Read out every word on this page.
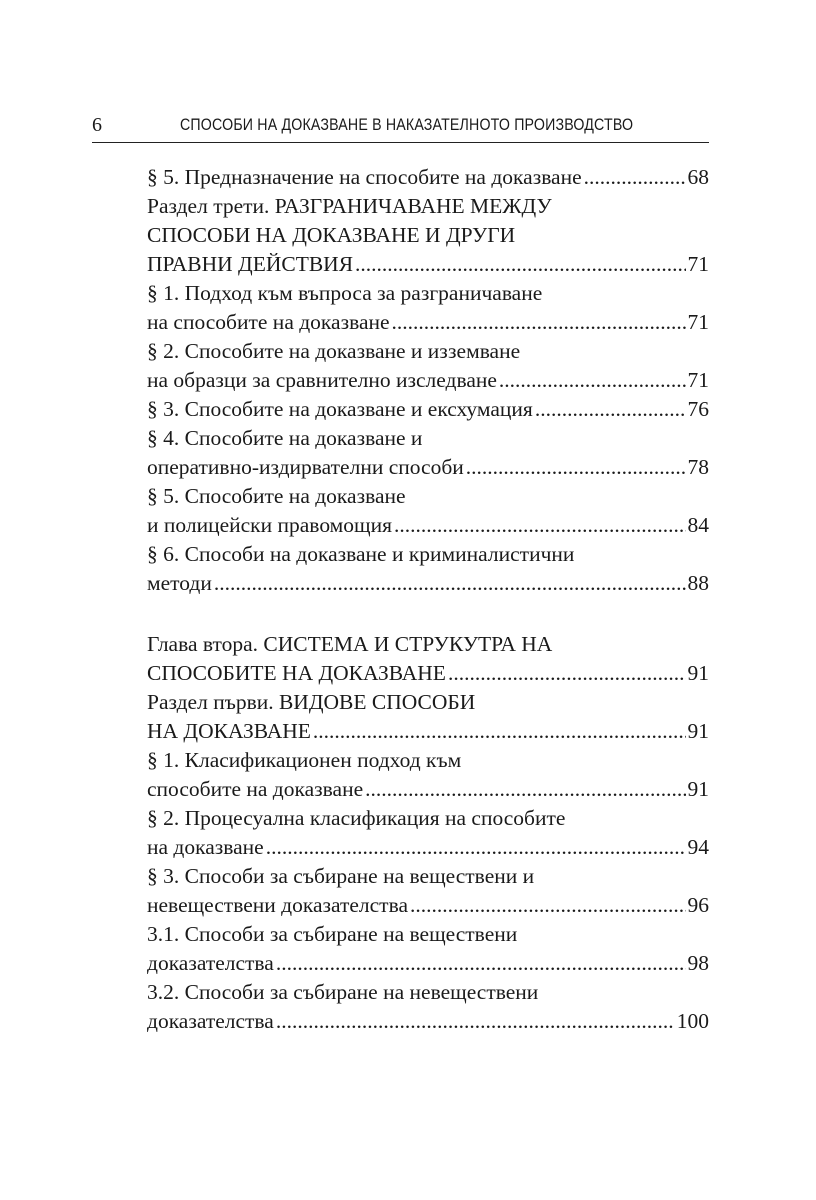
6	СПОСОБИ НА ДОКАЗВАНЕ В НАКАЗАТЕЛНОТО ПРОИЗВОДСТВО
§ 5. Предназначение на способите на доказване .....	68
Раздел трети. РАЗГРАНИЧАВАНЕ МЕЖДУ
СПОСОБИ НА ДОКАЗВАНЕ И ДРУГИ
ПРАВНИ ДЕЙСТВИЯ .....	71
§ 1. Подход към въпроса за разграничаване
на способите на доказване .....	71
§ 2. Способите на доказване и изземване
на образци за сравнително изследване .....	71
§ 3. Способите на доказване и ексхумация .....	76
§ 4. Способите на доказване и
оперативно-издирвателни способи .....	78
§ 5. Способите на доказване
и полицейски правомощия .....	84
§ 6. Способи на доказване и криминалистични
методи .....	88
Глава втора. СИСТЕМА И СТРУКУТРА НА
СПОСОБИТЕ НА ДОКАЗВАНЕ .....	91
Раздел първи. ВИДОВЕ СПОСОБИ
НА ДОКАЗВАНЕ .....	91
§ 1. Класификационен подход към
способите на доказване .....	91
§ 2. Процесуална класификация на способите
на доказване .....	94
§ 3. Способи за събиране на веществени и
невеществени доказателства .....	96
3.1. Способи за събиране на веществени
доказателства .....	98
3.2. Способи за събиране на невеществени
доказателства .....	100
